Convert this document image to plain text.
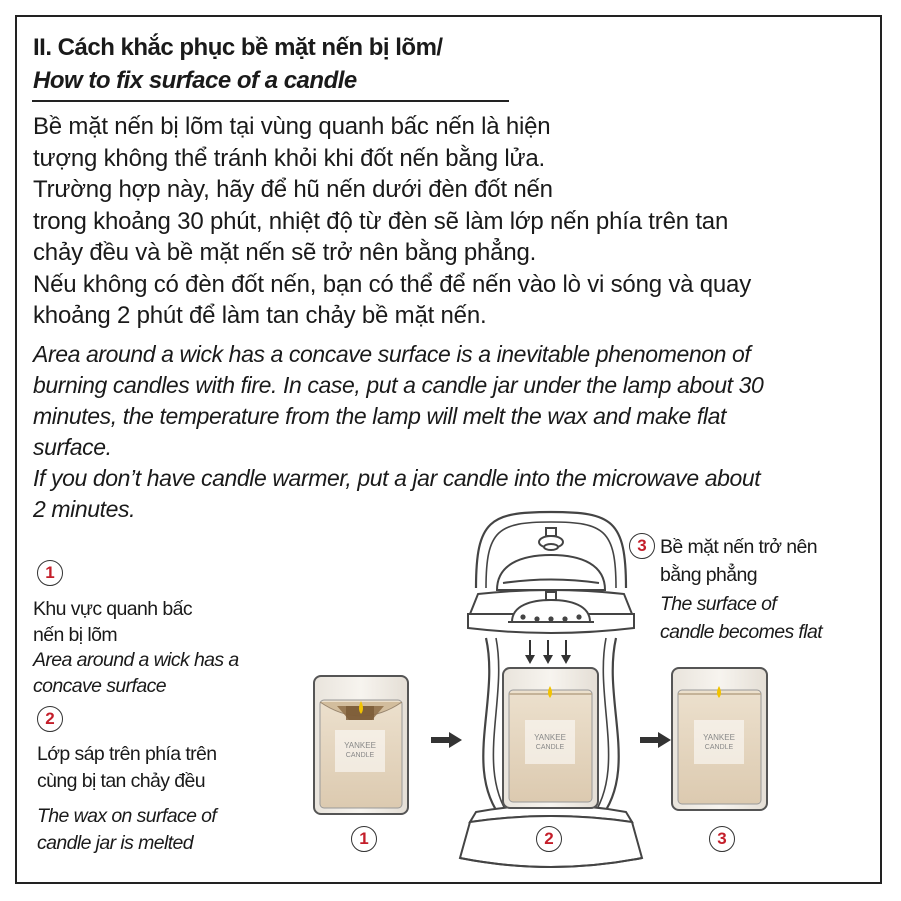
II. Cách khắc phục bề mặt nến bị lõm/
How to fix surface of a candle

Bề mặt nến bị lõm tại vùng quanh bấc nến là hiện

tượng không thể tránh khỏi khi đốt nến bằng lửa.

Trường hợp này, hãy để hũ nến dưới đèn đốt nến

trong khoảng 30 phút, nhiệt độ từ đèn sẽ làm lớp nến phía trên tan

chảy đều và bề mặt nến sẽ trở nên bằng phẳng.

Nếu không có đèn đốt nến, bạn có thể để nến vào lò vi sóng và quay

khoảng 2 phút để làm tan chảy bề mặt nến.

Area around a wick has a concave surface is a inevitable phenomenon of

burning candles with fire. In case, put a candle jar under the lamp about 30

minutes, the temperature from the lamp will melt the wax and make flat

surface.

If you don’t have candle warmer, put a jar candle into the microwave about

2 minutes.

1
Khu vực quanh bấc
nến bị lõm
Area around a wick has a
concave surface
2
Lớp sáp trên phía trên
cùng bị tan chảy đều
The wax on surface of
candle jar is melted
3 Bề mặt nến trở nên
bằng phẳng
The surface of
candle becomes flat
YANKEE
CANDLE
YANKEE
CANDLE
YANKEE
CANDLE
1	2	3
